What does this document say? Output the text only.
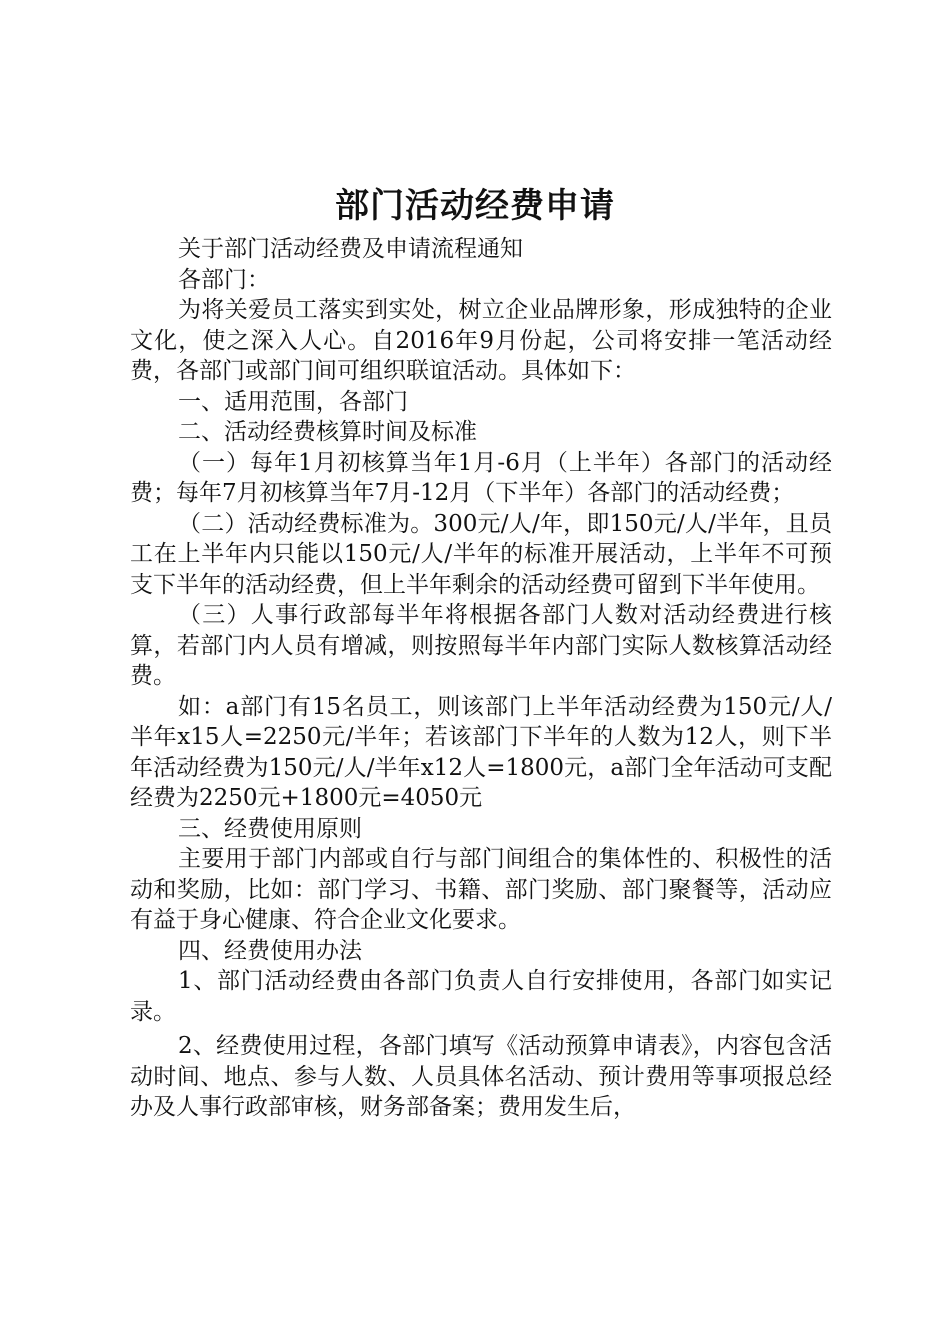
部门活动经费申请

关于部门活动经费及申请流程通知

各部门：

为将关爱员工落实到实处，树立企业品牌形象，形成独特的企业文化，使之深入人心。自2016年9月份起，公司将安排一笔活动经费，各部门或部门间可组织联谊活动。具体如下：

一、适用范围，各部门

二、活动经费核算时间及标准

（一）每年1月初核算当年1月-6月（上半年）各部门的活动经费；每年7月初核算当年7月-12月（下半年）各部门的活动经费；

（二）活动经费标准为。300元/人/年，即150元/人/半年，且员工在上半年内只能以150元/人/半年的标准开展活动，上半年不可预支下半年的活动经费，但上半年剩余的活动经费可留到下半年使用。

（三）人事行政部每半年将根据各部门人数对活动经费进行核算，若部门内人员有增减，则按照每半年内部门实际人数核算活动经费。

如：a部门有15名员工，则该部门上半年活动经费为150元/人/半年x15人=2250元/半年；若该部门下半年的人数为12人，则下半年活动经费为150元/人/半年x12人=1800元，a部门全年活动可支配经费为2250元+1800元=4050元

三、经费使用原则

主要用于部门内部或自行与部门间组合的集体性的、积极性的活动和奖励，比如：部门学习、书籍、部门奖励、部门聚餐等，活动应有益于身心健康、符合企业文化要求。

四、经费使用办法

1、部门活动经费由各部门负责人自行安排使用，各部门如实记录。

2、经费使用过程，各部门填写《活动预算申请表》，内容包含活动时间、地点、参与人数、人员具体名活动、预计费用等事项报总经办及人事行政部审核，财务部备案；费用发生后，
